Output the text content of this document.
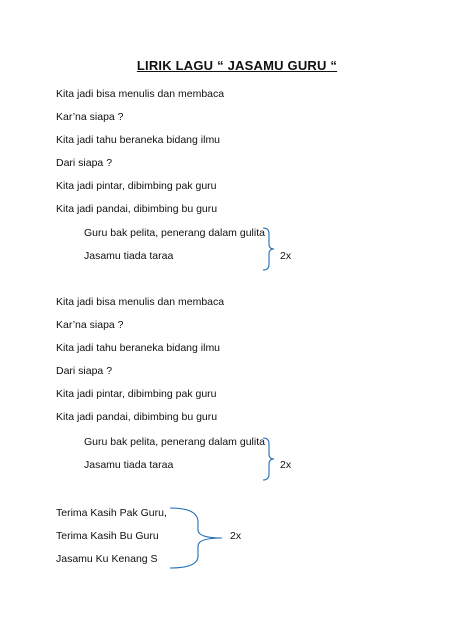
LIRIK LAGU “ JASAMU GURU “
Kita jadi bisa menulis dan membaca
Kar’na siapa ?
Kita jadi tahu beraneka bidang ilmu
Dari siapa ?
Kita jadi pintar, dibimbing pak guru
Kita jadi pandai, dibimbing bu guru
Guru bak pelita, penerang dalam gulita
Jasamu tiada taraa	2x
Kita jadi bisa menulis dan membaca
Kar’na siapa ?
Kita jadi tahu beraneka bidang ilmu
Dari siapa ?
Kita jadi pintar, dibimbing pak guru
Kita jadi pandai, dibimbing bu guru
Guru bak pelita, penerang dalam gulita
Jasamu tiada taraa	2x
Terima Kasih Pak Guru,
Terima Kasih Bu Guru
Jasamu Ku Kenang S
2x
